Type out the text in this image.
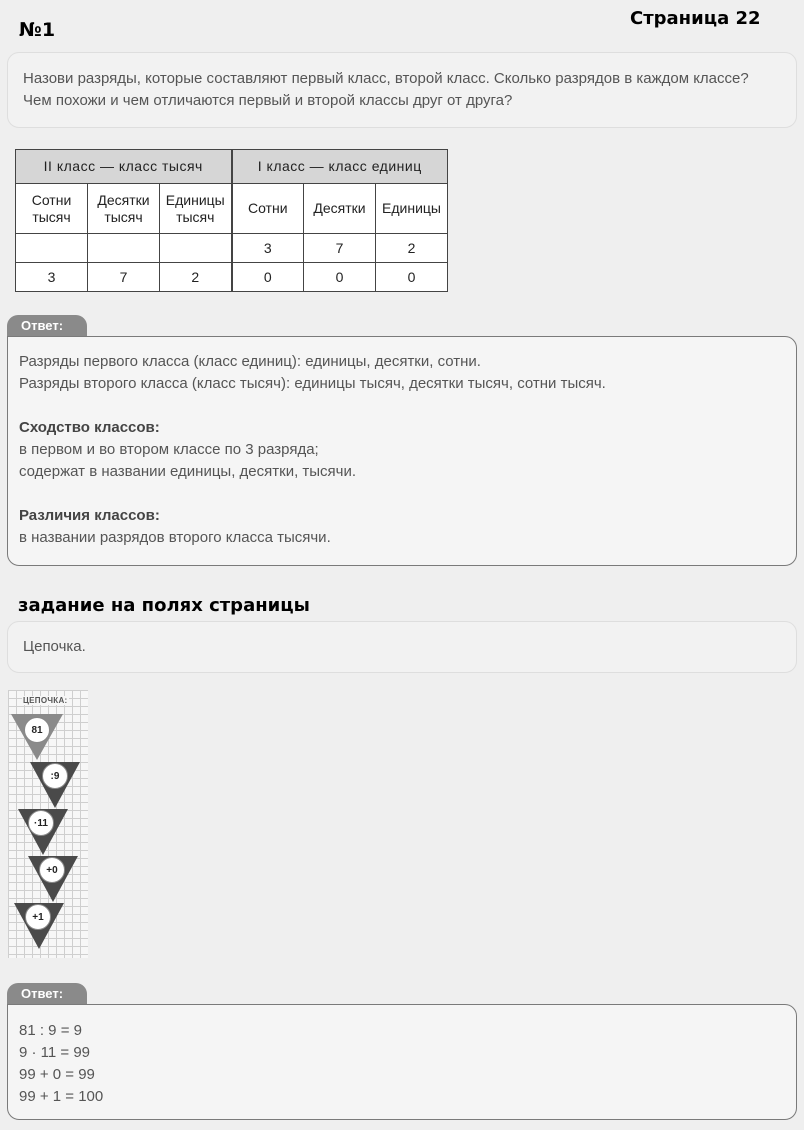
№1
Страница 22
Назови разряды, которые составляют первый класс, второй класс. Сколько разрядов в каждом классе? Чем похожи и чем отличаются первый и второй классы друг от друга?
II класс — класс тысяч			I класс — класс единиц		
Сотни тысяч	Десятки тысяч	Единицы тысяч	Сотни	Десятки	Единицы
			3	7	2
3	7	2	0	0	0
Ответ:
Разряды первого класса (класс единиц): единицы, десятки, сотни.
Разряды второго класса (класс тысяч): единицы тысяч, десятки тысяч, сотни тысяч.
Сходство классов:
в первом и во втором классе по 3 разряда;
содержат в названии единицы, десятки, тысячи.
Различия классов:
в названии разрядов второго класса тысячи.
задание на полях страницы
Цепочка.
ЦЕПОЧКА:
81
:9
·11
+0
+1
Ответ:
81 : 9 = 9
9 · 11 = 99
99 + 0 = 99
99 + 1 = 100
